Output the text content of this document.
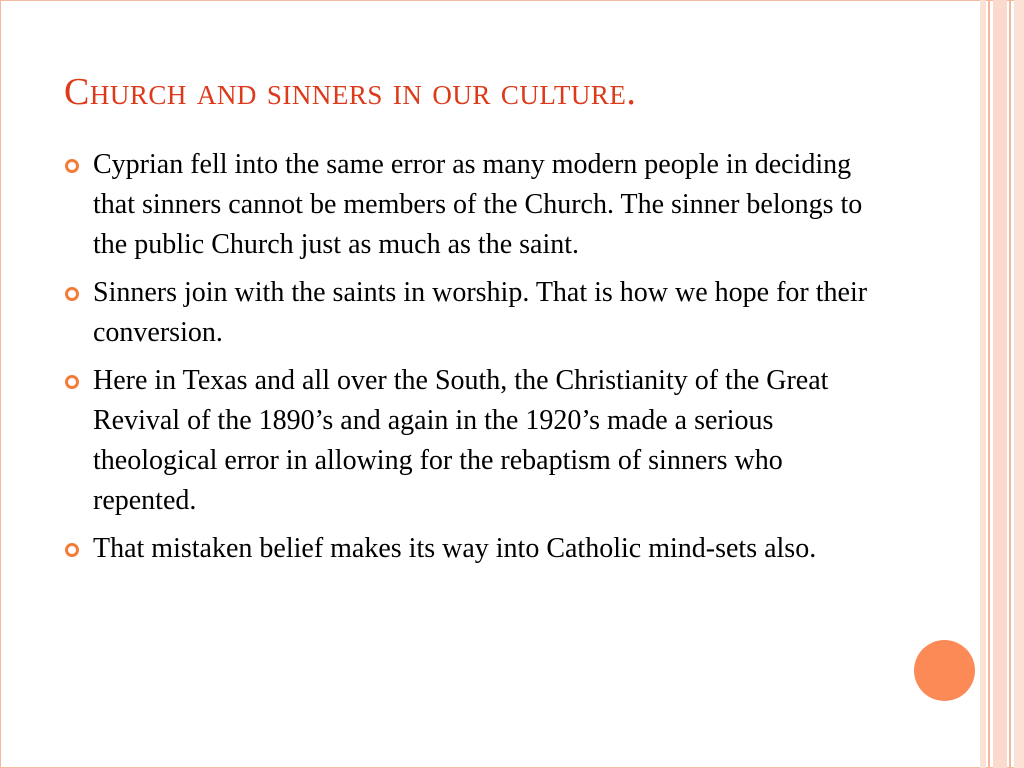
Church and sinners in our culture.
Cyprian fell into the same error as many modern people in deciding that sinners cannot be members of the Church. The sinner belongs to the public Church just as much as the saint.
Sinners join with the saints in worship. That is how we hope for their conversion.
Here in Texas and all over the South, the Christianity of the Great Revival of the 1890’s and again in the 1920’s made a serious theological error in allowing for the rebaptism of sinners who repented.
That mistaken belief makes its way into Catholic mind-sets also.
